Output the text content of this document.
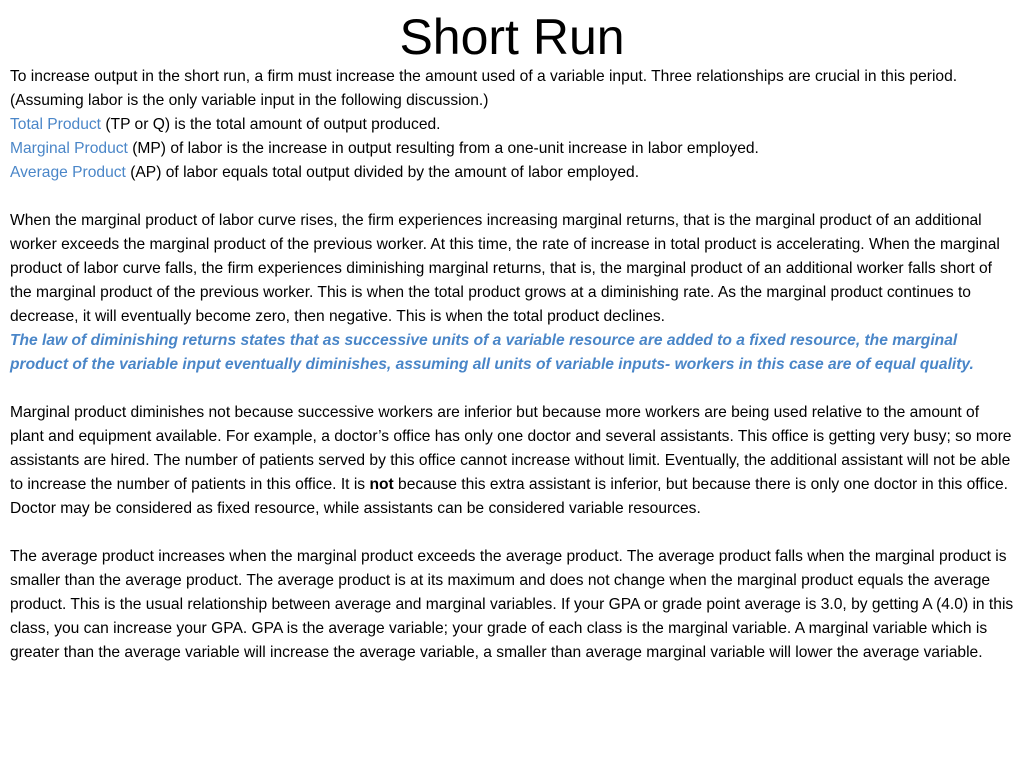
Short Run

To increase output in the short run, a firm must increase the amount used of a variable input. Three relationships are crucial in this period. (Assuming labor is the only variable input in the following discussion.)

Total Product (TP or Q) is the total amount of output produced.

Marginal Product (MP) of labor is the increase in output resulting from a one-unit increase in labor employed.

Average Product (AP) of labor equals total output divided by the amount of labor employed.

When the marginal product of labor curve rises, the firm experiences increasing marginal returns, that is the marginal product of an additional worker exceeds the marginal product of the previous worker. At this time, the rate of increase in total product is accelerating. When the marginal product of labor curve falls, the firm experiences diminishing marginal returns, that is, the marginal product of an additional worker falls short of the marginal product of the previous worker. This is when the total product grows at a diminishing rate. As the marginal product continues to decrease, it will eventually become zero, then negative. This is when the total product declines.

The law of diminishing returns states that as successive units of a variable resource are added to a fixed resource, the marginal product of the variable input eventually diminishes, assuming all units of variable inputs- workers in this case are of equal quality.

Marginal product diminishes not because successive workers are inferior but because more workers are being used relative to the amount of plant and equipment available. For example, a doctor’s office has only one doctor and several assistants. This office is getting very busy; so more assistants are hired. The number of patients served by this office cannot increase without limit. Eventually, the additional assistant will not be able to increase the number of patients in this office. It is not because this extra assistant is inferior, but because there is only one doctor in this office. Doctor may be considered as fixed resource, while assistants can be considered variable resources.

The average product increases when the marginal product exceeds the average product. The average product falls when the marginal product is smaller than the average product. The average product is at its maximum and does not change when the marginal product equals the average product. This is the usual relationship between average and marginal variables. If your GPA or grade point average is 3.0, by getting A (4.0) in this class, you can increase your GPA. GPA is the average variable; your grade of each class is the marginal variable. A marginal variable which is greater than the average variable will increase the average variable, a smaller than average marginal variable will lower the average variable.
